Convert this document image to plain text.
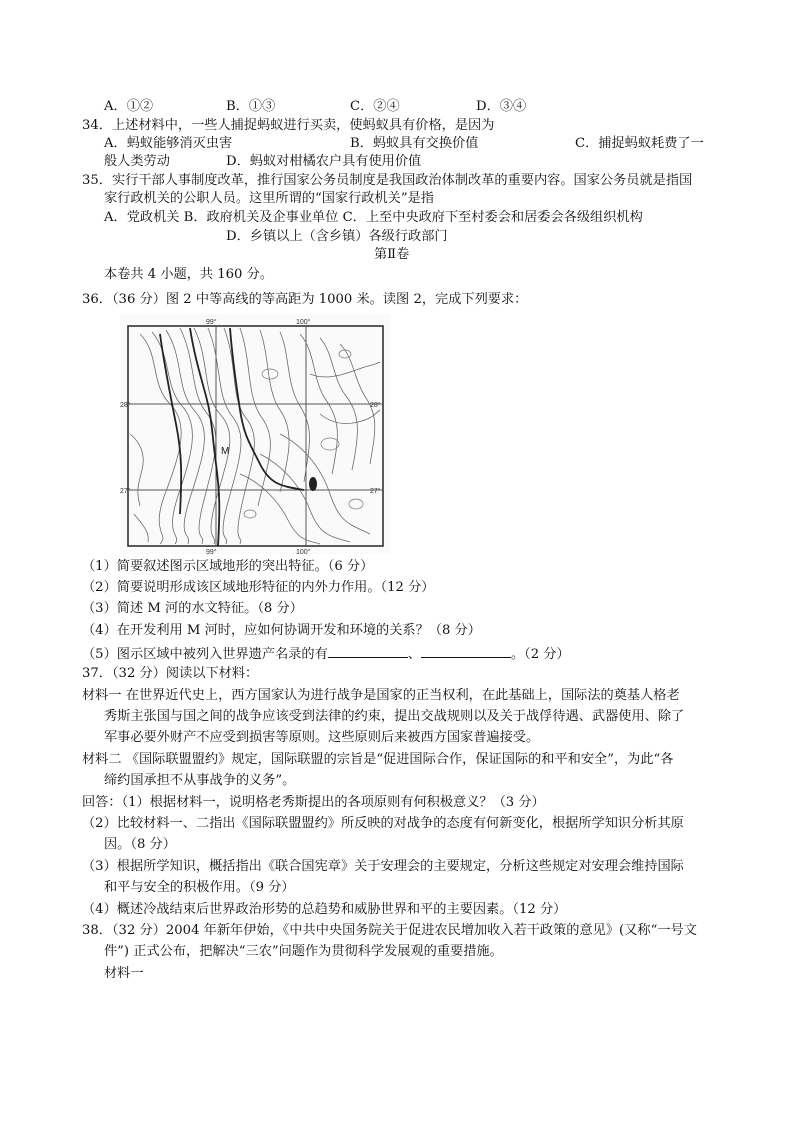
A．①②	B．①③	C．②④	D．③④
34．上述材料中，一些人捕捉蚂蚁进行买卖，使蚂蚁具有价格，是因为
A．蚂蚁能够消灭虫害	B．蚂蚁具有交换价值	C．捕捉蚂蚁耗费了一
般人类劳动	D．蚂蚁对柑橘农户具有使用价值
35．实行干部人事制度改革，推行国家公务员制度是我国政治体制改革的重要内容。国家公务员就是指国
家行政机关的公职人员。这里所谓的“国家行政机关”是指
A．党政机关 B．政府机关及企事业单位 C．上至中央政府下至村委会和居委会各级组织机构
D．乡镇以上（含乡镇）各级行政部门
第Ⅱ卷
本卷共 4 小题，共 160 分。
36．（36 分）图 2 中等高线的等高距为 1000 米。读图 2，完成下列要求：
M
99°	100°
28°
27°
28°
27°
99°	100°
（1）简要叙述图示区域地形的突出特征。（6 分）
（2）简要说明形成该区域地形特征的内外力作用。（12 分）
（3）简述 M 河的水文特征。（8 分）
（4）在开发利用 M 河时，应如何协调开发和环境的关系？（8 分）
（5）图示区域中被列入世界遗产名录的有	、	。（2 分）
37．（32 分）阅读以下材料：
材料一 在世界近代史上，西方国家认为进行战争是国家的正当权利，在此基础上，国际法的奠基人格老
秀斯主张国与国之间的战争应该受到法律的约束，提出交战规则以及关于战俘待遇、武器使用、除了
军事必要外财产不应受到损害等原则。这些原则后来被西方国家普遍接受。
材料二 《国际联盟盟约》规定，国际联盟的宗旨是“促进国际合作，保证国际的和平和安全”，为此“各
缔约国承担不从事战争的义务”。
回答：（1）根据材料一，说明格老秀斯提出的各项原则有何积极意义？（3 分）
（2）比较材料一、二指出《国际联盟盟约》所反映的对战争的态度有何新变化，根据所学知识分析其原
因。（8 分）
（3）根据所学知识，概括指出《联合国宪章》关于安理会的主要规定，分析这些规定对安理会维持国际
和平与安全的积极作用。（9 分）
（4）概述冷战结束后世界政治形势的总趋势和威胁世界和平的主要因素。（12 分）
38．（32 分）2004 年新年伊始，《中共中央国务院关于促进农民增加收入若干政策的意见》(又称“一号文
件”) 正式公布，把解决“三农”问题作为贯彻科学发展观的重要措施。
材料一
